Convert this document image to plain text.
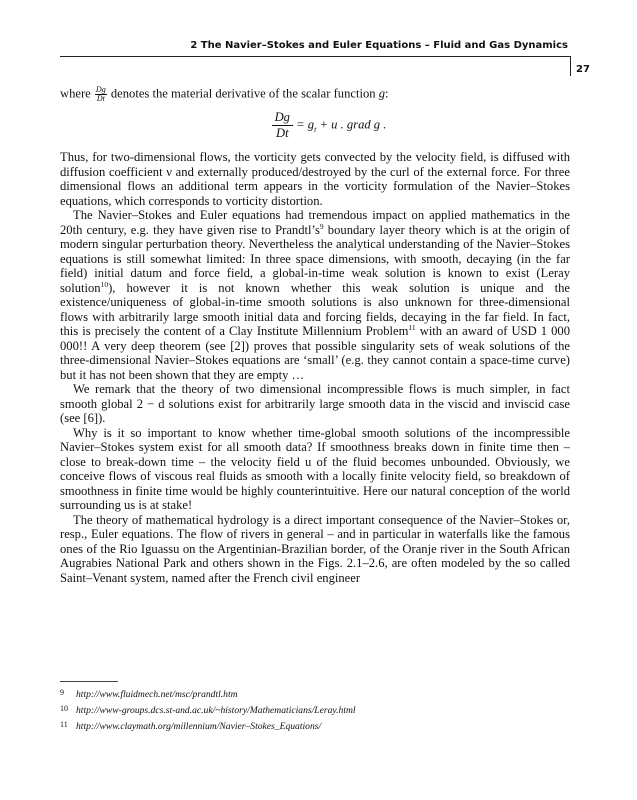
2 The Navier–Stokes and Euler Equations – Fluid and Gas Dynamics
27

where $\frac{Dg}{Dt}$ denotes the material derivative of the scalar function g:

$\frac{Dg}{Dt} = g_t + u$ . grad g .

Thus, for two-dimensional flows, the vorticity gets convected by the velocity field, is diffused with diffusion coefficient ν and externally produced/destroyed by the curl of the external force. For three dimensional flows an additional term appears in the vorticity formulation of the Navier–Stokes equations, which corresponds to vorticity distortion.

The Navier–Stokes and Euler equations had tremendous impact on applied mathematics in the 20th century, e.g. they have given rise to Prandtl’s$^9$ boundary layer theory which is at the origin of modern singular perturbation theory. Nevertheless the analytical understanding of the Navier–Stokes equations is still somewhat limited: In three space dimensions, with smooth, decaying (in the far field) initial datum and force field, a global-in-time weak solution is known to exist (Leray solution$^{10}$), however it is not known whether this weak solution is unique and the existence/uniqueness of global-in-time smooth solutions is also unknown for three-dimensional flows with arbitrarily large smooth initial data and forcing fields, decaying in the far field. In fact, this is precisely the content of a Clay Institute Millennium Problem$^{11}$ with an award of USD 1 000 000!! A very deep theorem (see [2]) proves that possible singularity sets of weak solutions of the three-dimensional Navier–Stokes equations are ‘small’ (e.g. they cannot contain a space-time curve) but it has not been shown that they are empty …

We remark that the theory of two dimensional incompressible flows is much simpler, in fact smooth global 2 − d solutions exist for arbitrarily large smooth data in the viscid and inviscid case (see [6]).

Why is it so important to know whether time-global smooth solutions of the incompressible Navier–Stokes system exist for all smooth data? If smoothness breaks down in finite time then – close to break-down time – the velocity field u of the fluid becomes unbounded. Obviously, we conceive flows of viscous real fluids as smooth with a locally finite velocity field, so breakdown of smoothness in finite time would be highly counterintuitive. Here our natural conception of the world surrounding us is at stake!

The theory of mathematical hydrology is a direct important consequence of the Navier–Stokes or, resp., Euler equations. The flow of rivers in general – and in particular in waterfalls like the famous ones of the Rio Iguassu on the Argentinian-Brazilian border, of the Oranje river in the South African Augrabies National Park and others shown in the Figs. 2.1–2.6, are often modeled by the so called Saint–Venant system, named after the French civil engineer

9 http://www.fluidmech.net/msc/prandtl.htm
10 http://www-groups.dcs.st-and.ac.uk/~history/Mathematicians/Leray.html
11 http://www.claymath.org/millennium/Navier–Stokes_Equations/
